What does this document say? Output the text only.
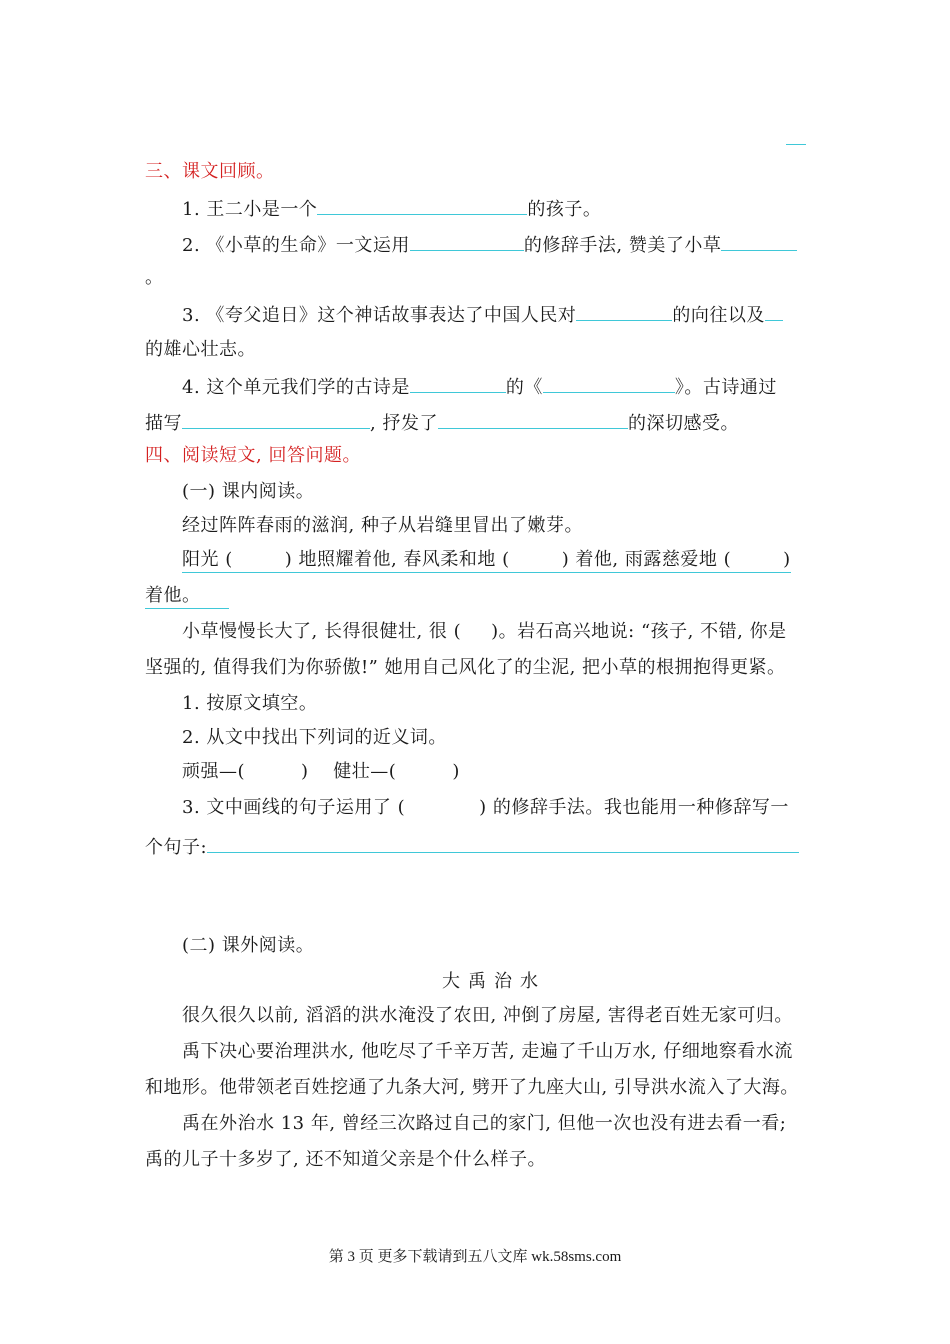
三、课文回顾。
1. 王二小是一个	的孩子。
2. 《小草的生命》一文运用	的修辞手法, 赞美了小草
。
3. 《夸父追日》这个神话故事表达了中国人民对	的向往以及
的雄心壮志。
4. 这个单元我们学的古诗是	的《	》。古诗通过
描写	, 抒发了	的深切感受。
四、阅读短文, 回答问题。
(一) 课内阅读。
经过阵阵春雨的滋润, 种子从岩缝里冒出了嫩芽。
阳光 (	) 地照耀着他, 春风柔和地 (	) 着他, 雨露慈爱地 (	)
着他。
小草慢慢长大了, 长得很健壮, 很 ( )。岩石高兴地说: “孩子, 不错, 你是
坚强的, 值得我们为你骄傲!” 她用自己风化了的尘泥, 把小草的根拥抱得更紧。
1. 按原文填空。
2. 从文中找出下列词的近义词。
顽强—(	)　 健壮—(	)
3. 文中画线的句子运用了 (	) 的修辞手法。我也能用一种修辞写一
个句子:
(二) 课外阅读。
大禹治水
很久很久以前, 滔滔的洪水淹没了农田, 冲倒了房屋, 害得老百姓无家可归。
禹下决心要治理洪水, 他吃尽了千辛万苦, 走遍了千山万水, 仔细地察看水流
和地形。他带领老百姓挖通了九条大河, 劈开了九座大山, 引导洪水流入了大海。
禹在外治水 13 年, 曾经三次路过自己的家门, 但他一次也没有进去看一看;
禹的儿子十多岁了, 还不知道父亲是个什么样子。
第 3 页 更多下载请到五八文库 wk.58sms.com
